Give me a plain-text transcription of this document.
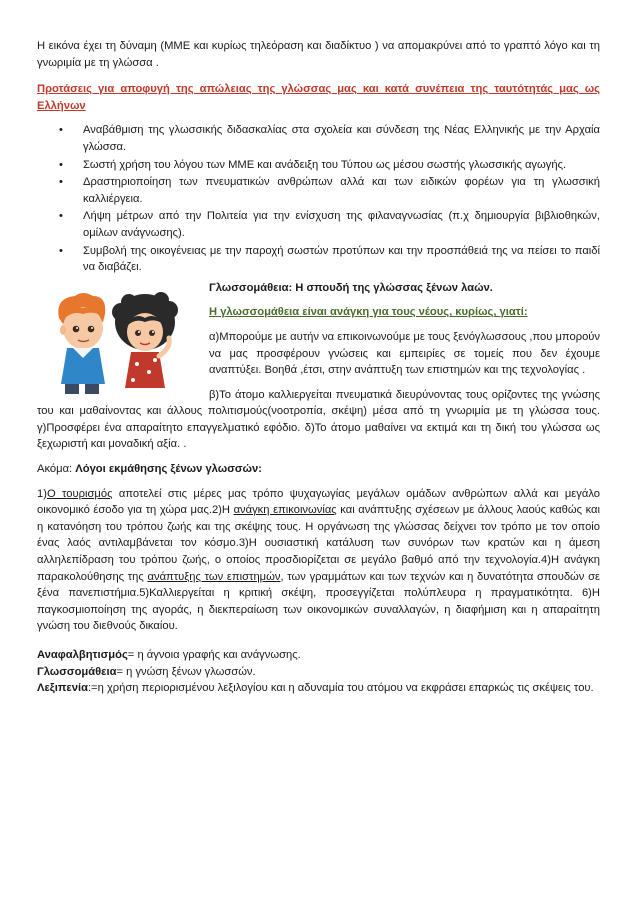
Η εικόνα έχει τη δύναμη (ΜΜΕ και κυρίως τηλεόραση και διαδίκτυο ) να απομακρύνει από το γραπτό λόγο και τη γνωριμία με τη γλώσσα .

Προτάσεις για αποφυγή της απώλειας της γλώσσας μας και κατά συνέπεια της ταυτότητάς μας ως Ελλήνων

• Αναβάθμιση της γλωσσικής διδασκαλίας στα σχολεία και σύνδεση της Νέας Ελληνικής με την Αρχαία γλώσσα.
• Σωστή χρήση του λόγου των ΜΜΕ και ανάδειξη του Τύπου ως μέσου σωστής γλωσσικής αγωγής.
• Δραστηριοποίηση των πνευματικών ανθρώπων αλλά και των ειδικών φορέων για τη γλωσσική καλλιέργεια.
• Λήψη μέτρων από την Πολιτεία για την ενίσχυση της φιλαναγνωσίας (π.χ δημιουργία βιβλιοθηκών, ομίλων ανάγνωσης).
• Συμβολή της οικογένειας με την παροχή σωστών προτύπων και την προσπάθειά της να πείσει το παιδί να διαβάζει.

Γλωσσομάθεια: Η σπουδή της γλώσσας ξένων λαών.

Η γλωσσομάθεια είναι ανάγκη για τους νέους, κυρίως, γιατί:

α)Μπορούμε με αυτήν να επικοινωνούμε με τους ξενόγλωσσους ,που μπορούν να μας προσφέρουν γνώσεις και εμπειρίες σε τομείς που δεν έχουμε αναπτύξει. Βοηθά ,έτσι, στην ανάπτυξη των επιστημών και της τεχνολογίας .

β)Το άτομο καλλιεργείται πνευματικά διευρύνοντας τους ορίζοντες της γνώσης του και μαθαίνοντας και άλλους πολιτισμούς(νοοτροπία, σκέψη) μέσα από τη γνωριμία με τη γλώσσα τους. γ)Προσφέρει ένα απαραίτητο επαγγελματικό εφόδιο. δ)Το άτομο μαθαίνει να εκτιμά και τη δική του γλώσσα ως ξεχωριστή και μοναδική αξία. .

Ακόμα: Λόγοι εκμάθησης ξένων γλωσσών:

1)Ο τουρισμός αποτελεί στις μέρες μας τρόπο ψυχαγωγίας μεγάλων ομάδων ανθρώπων αλλά και μεγάλο οικονομικό έσοδο για τη χώρα μας.2)Η ανάγκη επικοινωνίας και ανάπτυξης σχέσεων με άλλους λαούς καθώς και η κατανόηση του τρόπου ζωής και της σκέψης τους. Η οργάνωση της γλώσσας δείχνει τον τρόπο με τον οποίο ένας λαός αντιλαμβάνεται τον κόσμο.3)Η ουσιαστική κατάλυση των συνόρων των κρατών και η άμεση αλληλεπίδραση του τρόπου ζωής, ο οποίος προσδιορίζεται σε μεγάλο βαθμό από την τεχνολογία.4)Η ανάγκη παρακολούθησης της ανάπτυξης των επιστημών, των γραμμάτων και των τεχνών και η δυνατότητα σπουδών σε ξένα πανεπιστήμια.5)Καλλιεργείται η κριτική σκέψη, προσεγγίζεται πολύπλευρα η πραγματικότητα. 6)Η παγκοσμιοποίηση της αγοράς, η διεκπεραίωση των οικονομικών συναλλαγών, η διαφήμιση και η απαραίτητη γνώση του διεθνούς δικαίου.

Αναφαλβητισμός= η άγνοια γραφής και ανάγνωσης.

Γλωσσομάθεια= η γνώση ξένων γλωσσών.

Λεξιπενία:=η χρήση περιορισμένου λεξιλογίου και η αδυναμία του ατόμου να εκφράσει επαρκώς τις σκέψεις του.
